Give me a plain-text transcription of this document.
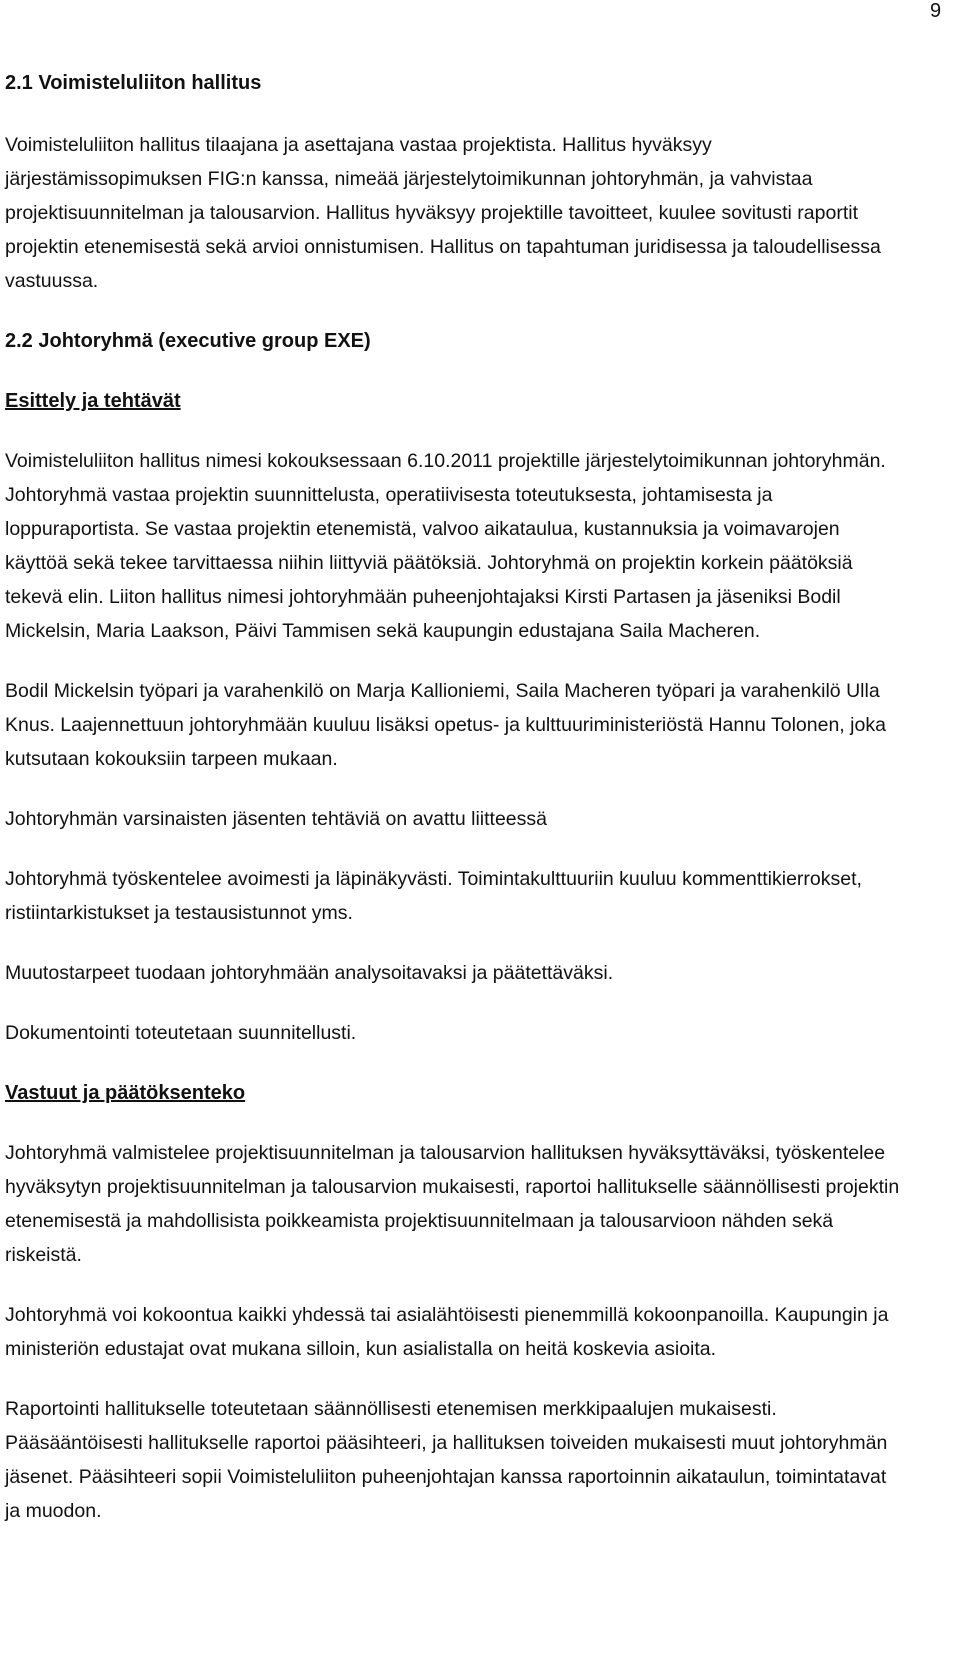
9
2.1 Voimisteluliiton hallitus

Voimisteluliiton hallitus tilaajana ja asettajana vastaa projektista. Hallitus hyväksyy järjestämissopimuksen FIG:n kanssa, nimeää järjestelytoimikunnan johtoryhmän, ja vahvistaa projektisuunnitelman ja talousarvion. Hallitus hyväksyy projektille tavoitteet, kuulee sovitusti raportit projektin etenemisestä sekä arvioi onnistumisen. Hallitus on tapahtuman juridisessa ja taloudellisessa vastuussa.

2.2 Johtoryhmä (executive group EXE)
Esittely ja tehtävät

Voimisteluliiton hallitus nimesi kokouksessaan 6.10.2011 projektille järjestelytoimikunnan johtoryhmän. Johtoryhmä vastaa projektin suunnittelusta, operatiivisesta toteutuksesta, johtamisesta ja loppuraportista. Se vastaa projektin etenemistä, valvoo aikataulua, kustannuksia ja voimavarojen käyttöä sekä tekee tarvittaessa niihin liittyviä päätöksiä. Johtoryhmä on projektin korkein päätöksiä tekevä elin. Liiton hallitus nimesi johtoryhmään puheenjohtajaksi Kirsti Partasen ja jäseniksi Bodil Mickelsin, Maria Laakson, Päivi Tammisen sekä kaupungin edustajana Saila Macheren.

Bodil Mickelsin työpari ja varahenkilö on Marja Kallioniemi, Saila Macheren työpari ja varahenkilö Ulla Knus. Laajennettuun johtoryhmään kuuluu lisäksi opetus- ja kulttuuriministeriöstä Hannu Tolonen, joka kutsutaan kokouksiin tarpeen mukaan.

Johtoryhmän varsinaisten jäsenten tehtäviä on avattu liitteessä

Johtoryhmä työskentelee avoimesti ja läpinäkyvästi. Toimintakulttuuriin kuuluu kommenttikierrokset, ristiintarkistukset ja testausistunnot yms.

Muutostarpeet tuodaan johtoryhmään analysoitavaksi ja päätettäväksi.

Dokumentointi toteutetaan suunnitellusti.

Vastuut ja päätöksenteko

Johtoryhmä valmistelee projektisuunnitelman ja talousarvion hallituksen hyväksyttäväksi, työskentelee hyväksytyn projektisuunnitelman ja talousarvion mukaisesti, raportoi hallitukselle säännöllisesti projektin etenemisestä ja mahdollisista poikkeamista projektisuunnitelmaan ja talousarvioon nähden sekä riskeistä.

Johtoryhmä voi kokoontua kaikki yhdessä tai asialähtöisesti pienemmillä kokoonpanoilla. Kaupungin ja ministeriön edustajat ovat mukana silloin, kun asialistalla on heitä koskevia asioita.

Raportointi hallitukselle toteutetaan säännöllisesti etenemisen merkkipaalujen mukaisesti. Pääsääntöisesti hallitukselle raportoi pääsihteeri, ja hallituksen toiveiden mukaisesti muut johtoryhmän jäsenet. Pääsihteeri sopii Voimisteluliiton puheenjohtajan kanssa raportoinnin aikataulun, toimintatavat ja muodon.
